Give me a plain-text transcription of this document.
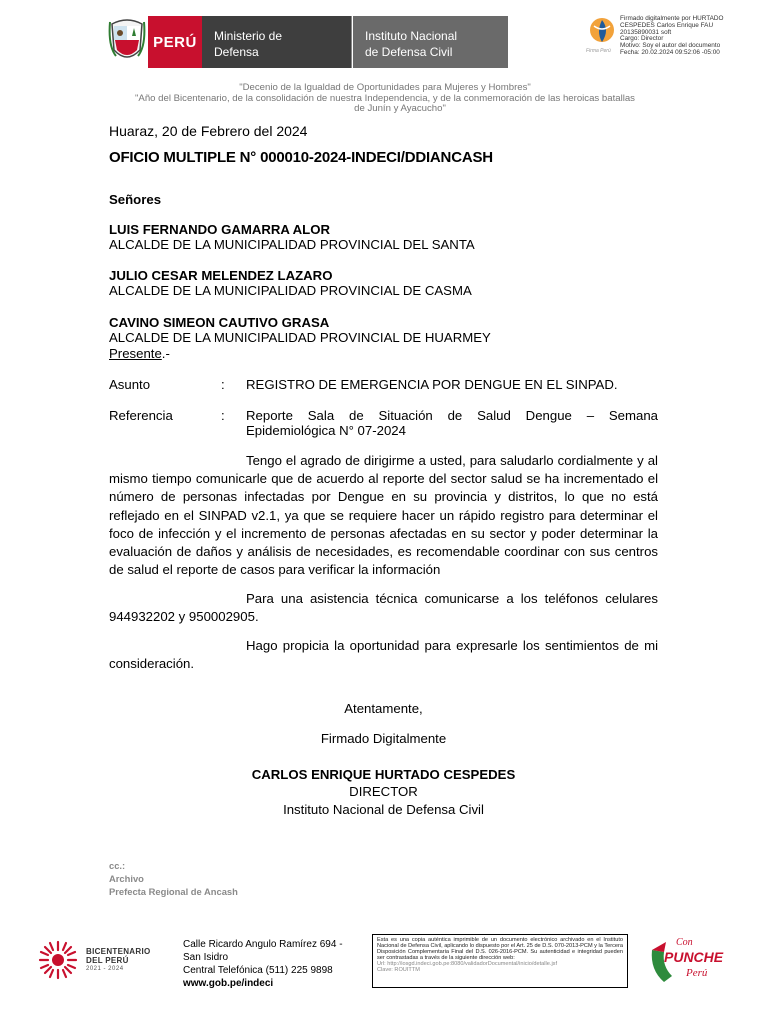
PERÚ	Ministerio de
Defensa
Instituto Nacional
de Defensa Civil	Firma Perú
Firmado digitalmente por HURTADO
CESPEDES Carlos Enrique FAU
20135890031 soft
Cargo: Director
Motivo: Soy el autor del documento
Fecha: 20.02.2024 09:52:06 -05:00
"Decenio de la Igualdad de Oportunidades para Mujeres y Hombres"
"Año del Bicentenario, de la consolidación de nuestra Independencia, y de la conmemoración de las heroicas batallas
de Junín y Ayacucho"
Huaraz, 20 de Febrero del 2024
OFICIO MULTIPLE N° 000010-2024-INDECI/DDIANCASH
Señores
LUIS FERNANDO GAMARRA ALOR
ALCALDE DE LA MUNICIPALIDAD PROVINCIAL DEL SANTA
JULIO CESAR MELENDEZ LAZARO
ALCALDE DE LA MUNICIPALIDAD PROVINCIAL DE CASMA
CAVINO SIMEON CAUTIVO GRASA
ALCALDE DE LA MUNICIPALIDAD PROVINCIAL DE HUARMEY
Presente.-
Asunto	: REGISTRO DE EMERGENCIA POR DENGUE EN EL SINPAD.
Referencia	: Reporte Sala de Situación de Salud Dengue – Semana Epidemiológica N° 07-2024
Tengo el agrado de dirigirme a usted, para saludarlo cordialmente y al mismo tiempo comunicarle que de acuerdo al reporte del sector salud se ha incrementado el número de personas infectadas por Dengue en su provincia y distritos, lo que no está reflejado en el SINPAD v2.1, ya que se requiere hacer un rápido registro para determinar el foco de infección y el incremento de personas afectadas en su sector y poder determinar la evaluación de daños y análisis de necesidades, es recomendable coordinar con sus centros de salud el reporte de casos para verificar la información
Para una asistencia técnica comunicarse a los teléfonos celulares 944932202 y 950002905.
Hago propicia la oportunidad para expresarle los sentimientos de mi consideración.
Atentamente,
Firmado Digitalmente
CARLOS ENRIQUE HURTADO CESPEDES
DIRECTOR
Instituto Nacional de Defensa Civil
cc.:
Archivo
Prefecta Regional de Ancash
BICENTENARIO
DEL PERÚ
2021 - 2024
Calle Ricardo Angulo Ramírez 694 -
San Isidro
Central Telefónica (511) 225 9898
www.gob.pe/indeci
Esta es una copia auténtica imprimible de un documento electrónico archivado en el Instituto Nacional de Defensa Civil, aplicando lo dispuesto por el Art. 25 de D.S. 070-2013-PCM y la Tercera Disposición Complementaria Final del D.S. 026-2016-PCM. Su autenticidad e integridad pueden ser contrastadas a través de la siguiente dirección web:
Url: http://iosgd.indeci.gob.pe:8080/validadorDocumental/inicio/detalle.jsf
Clave: ROUITTM
Con
PUNCHE
Perú
